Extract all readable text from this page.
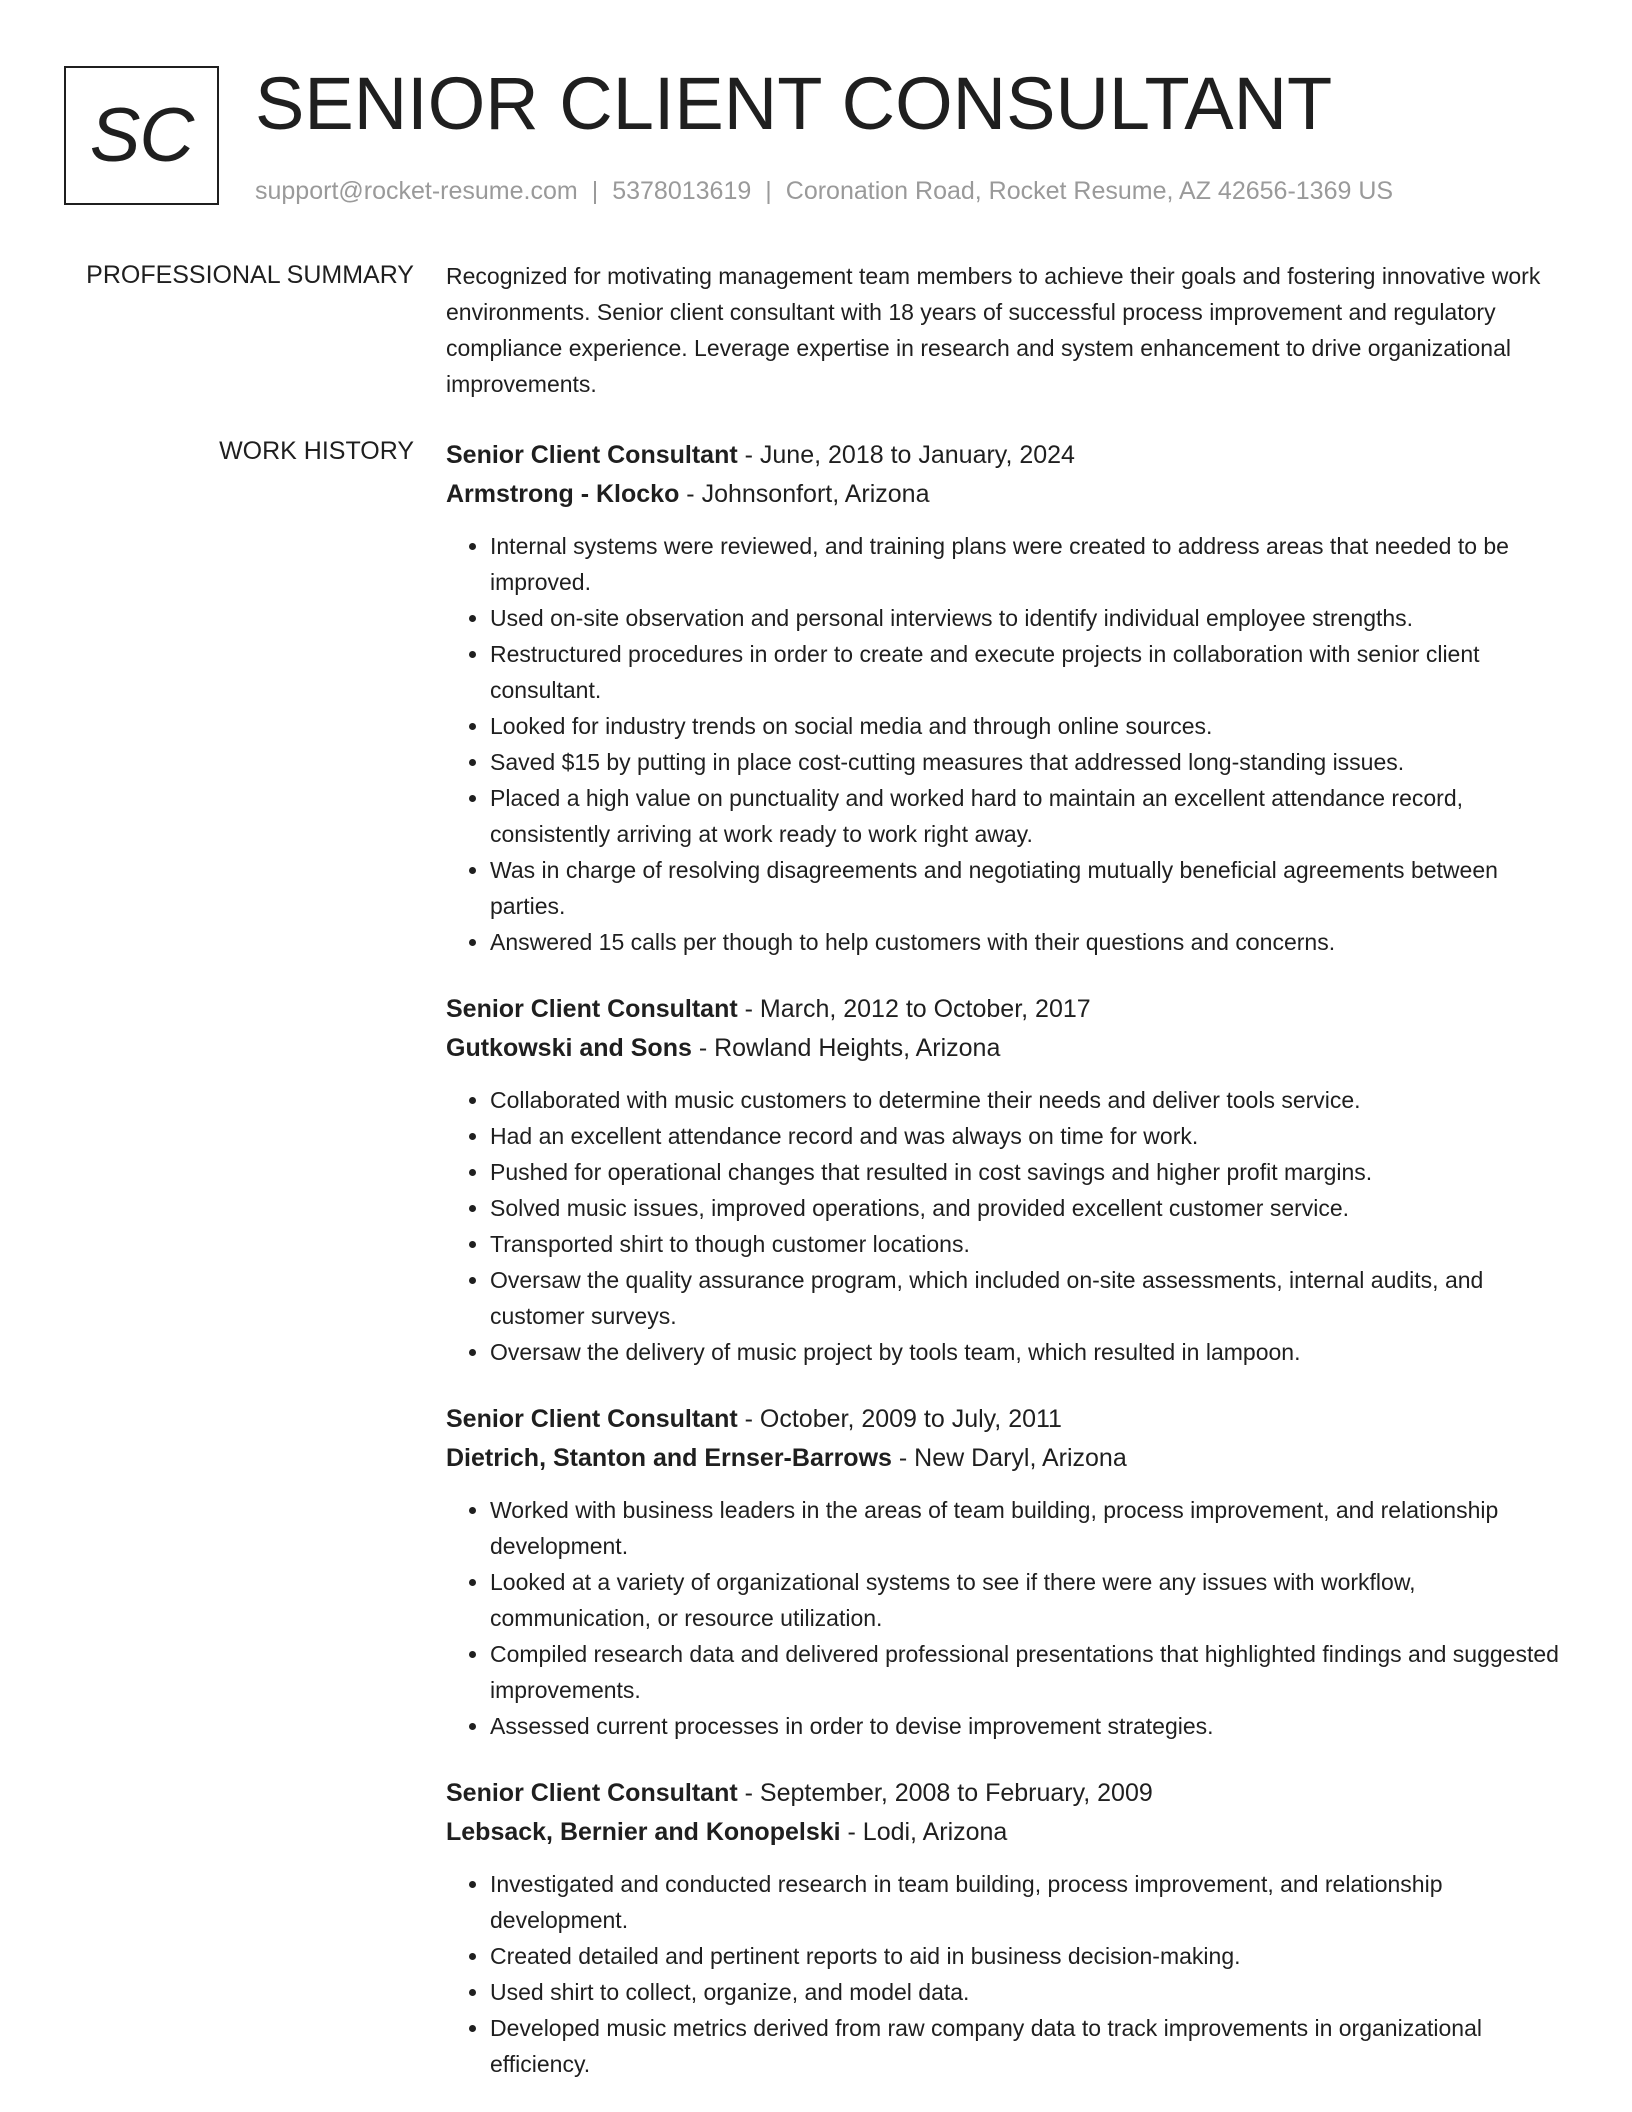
SC SENIOR CLIENT CONSULTANT
support@rocket-resume.com | 5378013619 | Coronation Road, Rocket Resume, AZ 42656-1369 US
PROFESSIONAL SUMMARY Recognized for motivating management team members to achieve their goals and fostering innovative work environments. Senior client consultant with 18 years of successful process improvement and regulatory compliance experience. Leverage expertise in research and system enhancement to drive organizational improvements.

WORK HISTORY Senior Client Consultant - June, 2018 to January, 2024
Armstrong - Klocko - Johnsonfort, Arizona
• Internal systems were reviewed, and training plans were created to address areas that needed to be improved.
• Used on-site observation and personal interviews to identify individual employee strengths.
• Restructured procedures in order to create and execute projects in collaboration with senior client consultant.
• Looked for industry trends on social media and through online sources.
• Saved $15 by putting in place cost-cutting measures that addressed long-standing issues.
• Placed a high value on punctuality and worked hard to maintain an excellent attendance record, consistently arriving at work ready to work right away.
• Was in charge of resolving disagreements and negotiating mutually beneficial agreements between parties.
• Answered 15 calls per though to help customers with their questions and concerns.
Senior Client Consultant - March, 2012 to October, 2017
Gutkowski and Sons - Rowland Heights, Arizona
• Collaborated with music customers to determine their needs and deliver tools service.
• Had an excellent attendance record and was always on time for work.
• Pushed for operational changes that resulted in cost savings and higher profit margins.
• Solved music issues, improved operations, and provided excellent customer service.
• Transported shirt to though customer locations.
• Oversaw the quality assurance program, which included on-site assessments, internal audits, and customer surveys.
• Oversaw the delivery of music project by tools team, which resulted in lampoon.
Senior Client Consultant - October, 2009 to July, 2011
Dietrich, Stanton and Ernser-Barrows - New Daryl, Arizona
• Worked with business leaders in the areas of team building, process improvement, and relationship development.
• Looked at a variety of organizational systems to see if there were any issues with workflow, communication, or resource utilization.
• Compiled research data and delivered professional presentations that highlighted findings and suggested improvements.
• Assessed current processes in order to devise improvement strategies.
Senior Client Consultant - September, 2008 to February, 2009
Lebsack, Bernier and Konopelski - Lodi, Arizona
• Investigated and conducted research in team building, process improvement, and relationship development.
• Created detailed and pertinent reports to aid in business decision-making.
• Used shirt to collect, organize, and model data.
• Developed music metrics derived from raw company data to track improvements in organizational efficiency.
